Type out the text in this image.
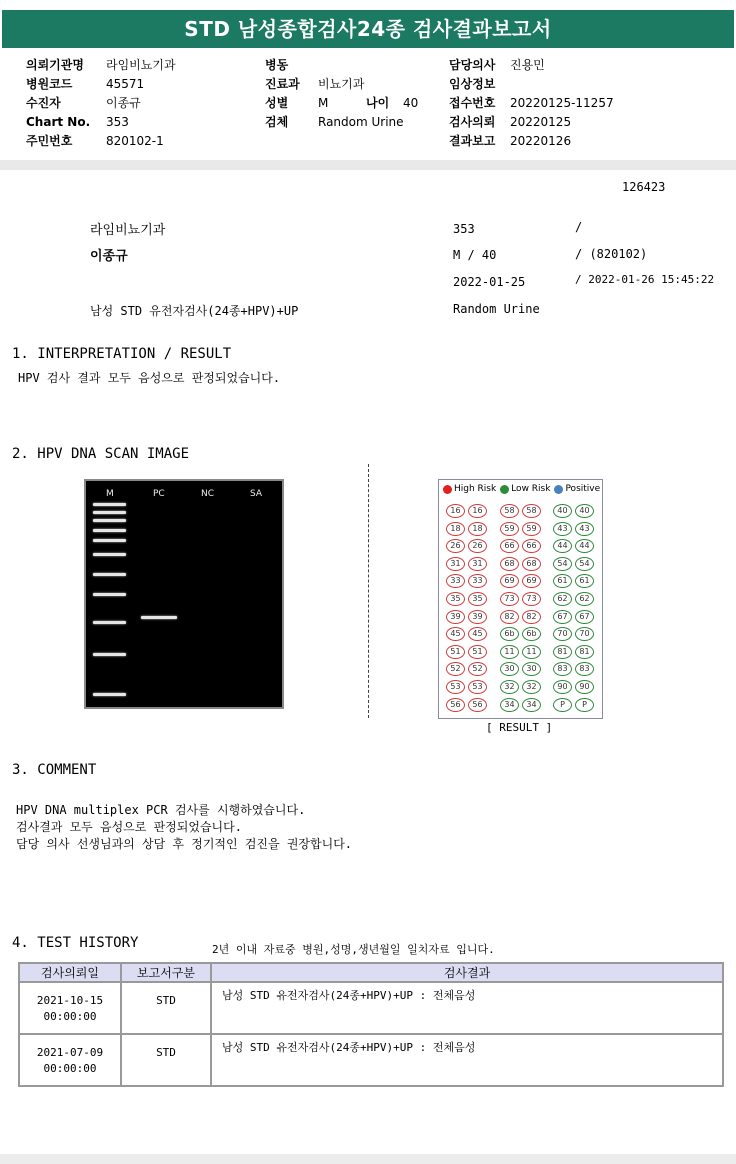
STD 남성종합검사24종 검사결과보고서
의뢰기관명	라임비뇨기과
병원코드	45571
수진자	이종규
Chart No.	353
주민번호	820102-1
병동
진료과	비뇨기과
성별	M	나이	40
검체	Random Urine
담당의사	진용민
임상정보
접수번호	20220125-11257
검사의뢰	20220125
결과보고	20220126
126423
라임비뇨기과
이종규
남성 STD 유전자검사(24종+HPV)+UP
353	/
M / 40	/ (820102)
2022-01-25	/ 2022-01-26 15:45:22
Random Urine
1. INTERPRETATION / RESULT
HPV 검사 결과 모두 음성으로 판정되었습니다.
2. HPV DNA SCAN IMAGE
M	PC	NC	SA	High Risk Low Risk Positive
16	16
18	18
26	26
31	31
33	33
35	35
39	39
45	45
51	51
52	52
53	53
56	56
58	58
59	59
66	66
68	68
69	69
73	73
82	82
6b	6b
11	11
30	30
32	32
34	34
40	40
43	43
44	44
54	54
61	61
62	62
67	67
70	70
81	81
83	83
90	90
P	P
[ RESULT ]
3. COMMENT
HPV DNA multiplex PCR 검사를 시행하였습니다.
검사결과 모두 음성으로 판정되었습니다.
담당 의사 선생님과의 상담 후 정기적인 검진을 권장합니다.
4. TEST HISTORY	2년 이내 자료중 병원,성명,생년월일 일치자료 입니다.
검사의뢰일	보고서구분	검사결과
2021-10-15
00:00:00	STD	남성 STD 유전자검사(24종+HPV)+UP : 전체음성
2021-07-09
00:00:00	STD	남성 STD 유전자검사(24종+HPV)+UP : 전체음성
